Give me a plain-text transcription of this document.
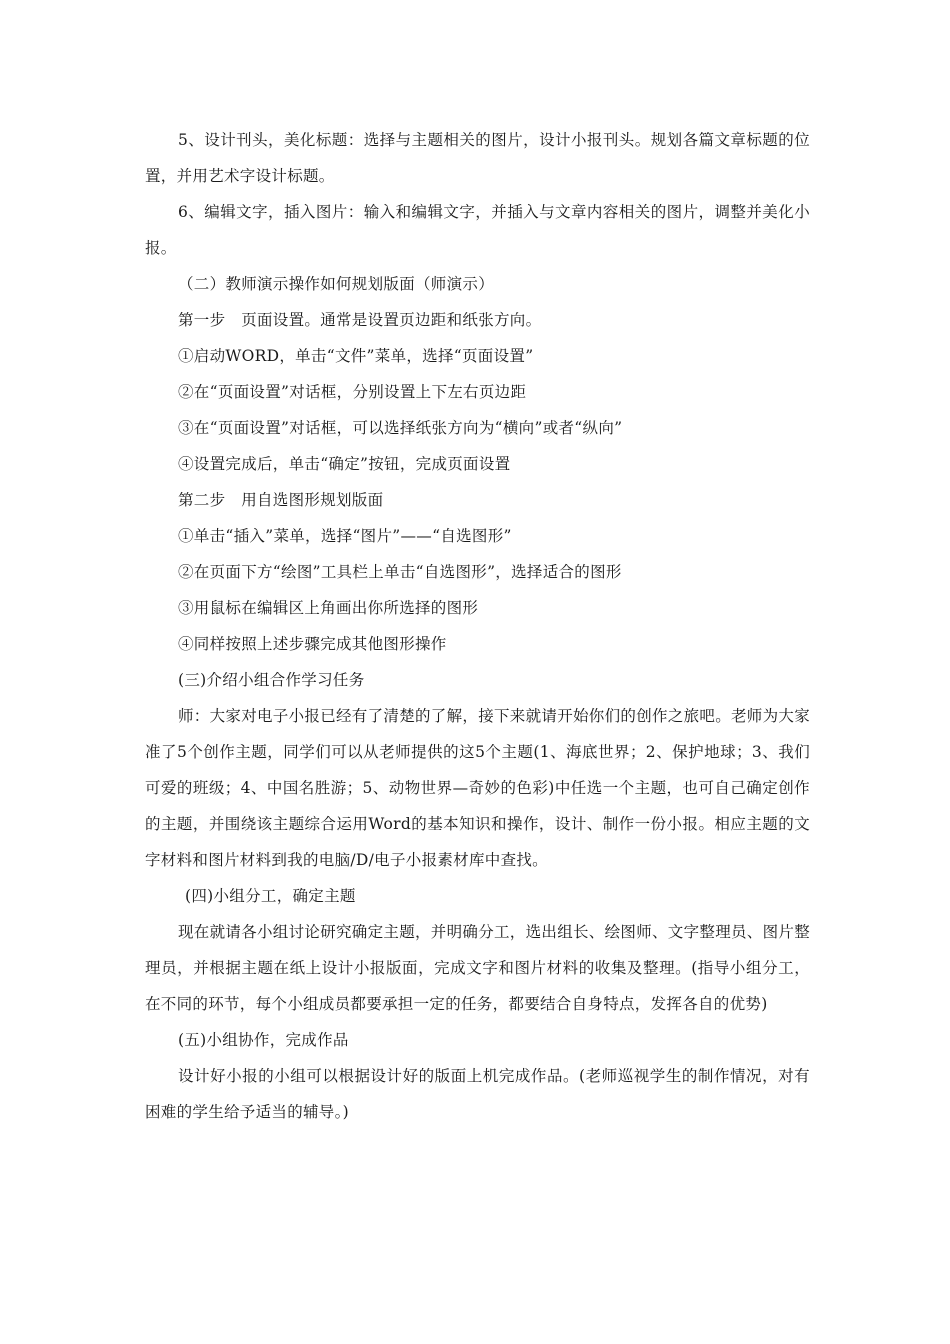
5、设计刊头，美化标题：选择与主题相关的图片，设计小报刊头。规划各篇文章标题的位置，并用艺术字设计标题。

6、编辑文字，插入图片：输入和编辑文字，并插入与文章内容相关的图片，调整并美化小报。

（二）教师演示操作如何规划版面（师演示）

第一步　页面设置。通常是设置页边距和纸张方向。

①启动WORD，单击“文件”菜单，选择“页面设置”

②在“页面设置”对话框，分别设置上下左右页边距

③在“页面设置”对话框，可以选择纸张方向为“横向”或者“纵向”

④设置完成后，单击“确定”按钮，完成页面设置

第二步　用自选图形规划版面

①单击“插入”菜单，选择“图片”——“自选图形”

②在页面下方“绘图”工具栏上单击“自选图形”，选择适合的图形

③用鼠标在编辑区上角画出你所选择的图形

④同样按照上述步骤完成其他图形操作

(三)介绍小组合作学习任务

师：大家对电子小报已经有了清楚的了解，接下来就请开始你们的创作之旅吧。老师为大家准了5个创作主题，同学们可以从老师提供的这5个主题(1、海底世界；2、保护地球；3、我们可爱的班级；4、中国名胜游；5、动物世界—奇妙的色彩)中任选一个主题，也可自己确定创作的主题，并围绕该主题综合运用Word的基本知识和操作，设计、制作一份小报。相应主题的文字材料和图片材料到我的电脑/D/电子小报素材库中查找。

(四)小组分工，确定主题

现在就请各小组讨论研究确定主题，并明确分工，选出组长、绘图师、文字整理员、图片整理员，并根据主题在纸上设计小报版面，完成文字和图片材料的收集及整理。(指导小组分工，在不同的环节，每个小组成员都要承担一定的任务，都要结合自身特点，发挥各自的优势)

(五)小组协作，完成作品

设计好小报的小组可以根据设计好的版面上机完成作品。(老师巡视学生的制作情况，对有困难的学生给予适当的辅导。)
